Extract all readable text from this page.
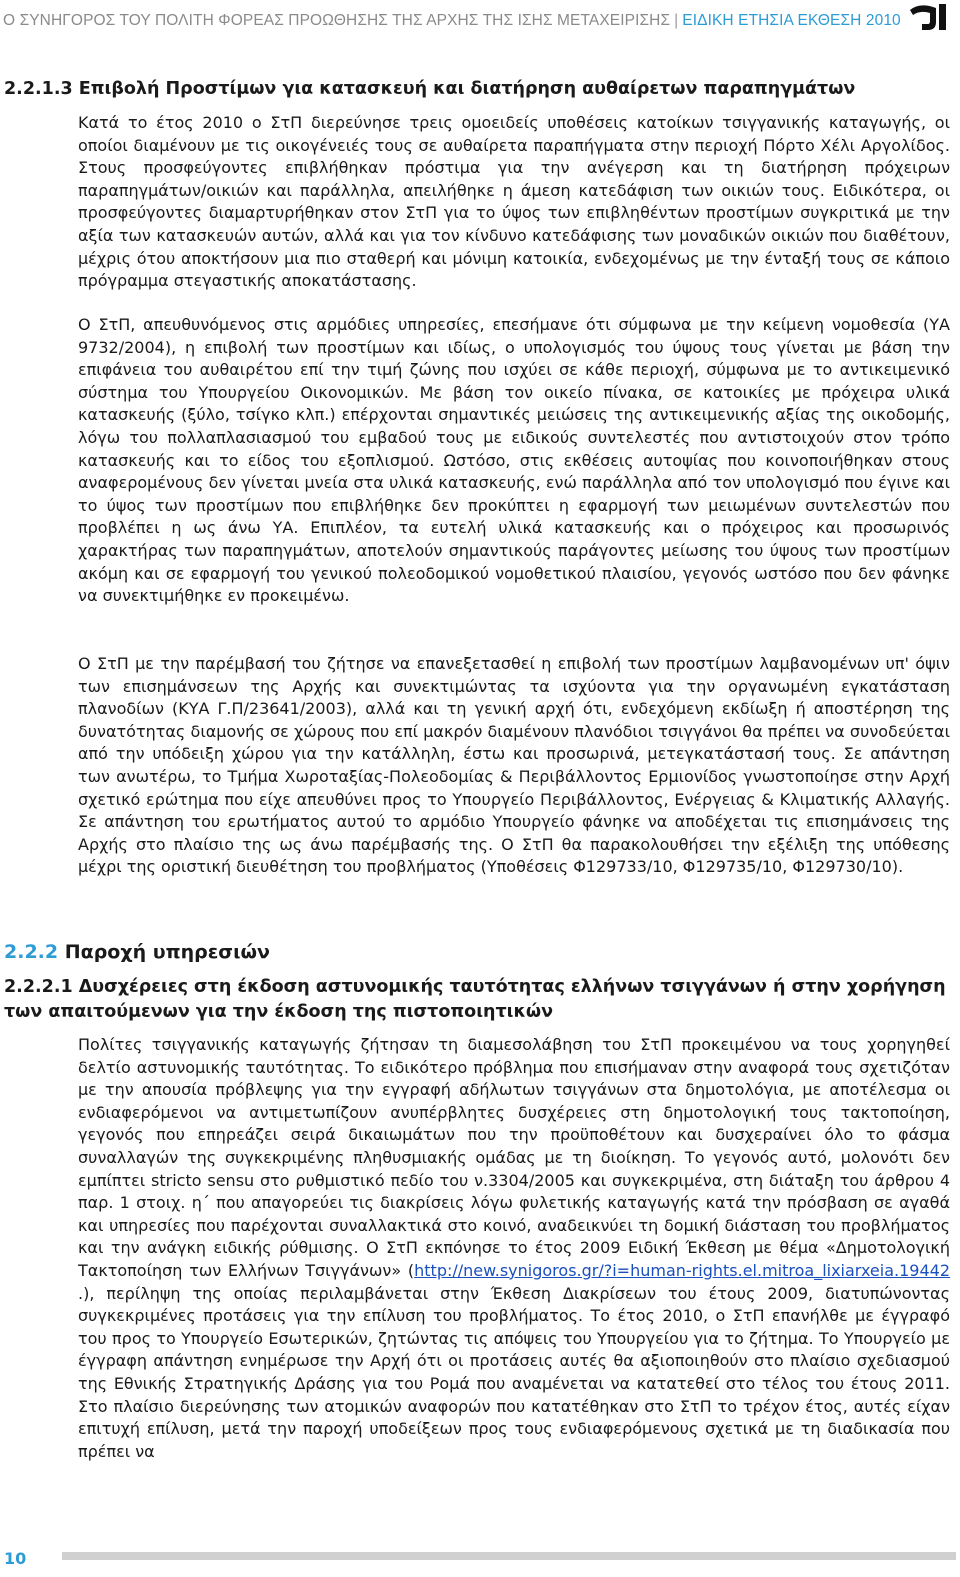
Ο ΣΥΝΗΓΟΡΟΣ ΤΟΥ ΠΟΛΙΤΗ ΦΟΡΕΑΣ ΠΡΟΩΘΗΣΗΣ ΤΗΣ ΑΡΧΗΣ ΤΗΣ ΙΣΗΣ ΜΕΤΑΧΕΙΡΙΣΗΣ | ΕΙΔΙΚΗ ΕΤΗΣΙΑ ΕΚΘΕΣΗ 2010
2.2.1.3 Επιβολή Προστίμων για κατασκευή και διατήρηση αυθαίρετων παραπηγμάτων

Κατά το έτος 2010 ο ΣτΠ διερεύνησε τρεις ομοειδείς υποθέσεις κατοίκων τσιγγανικής καταγωγής, οι οποίοι διαμένουν με τις οικογένειές τους σε αυθαίρετα παραπήγματα στην περιοχή Πόρτο Χέλι Αργολίδος. Στους προσφεύγοντες επιβλήθηκαν πρόστιμα για την ανέγερση και τη διατήρηση πρόχειρων παραπηγμάτων/οικιών και παράλληλα, απειλήθηκε η άμεση κατεδάφιση των οικιών τους. Ειδικότερα, οι προσφεύγοντες διαμαρτυρήθηκαν στον ΣτΠ για το ύψος των επιβληθέντων προστίμων συγκριτικά με την αξία των κατασκευών αυτών, αλλά και για τον κίνδυνο κατεδάφισης των μοναδικών οικιών που διαθέτουν, μέχρις ότου αποκτήσουν μια πιο σταθερή και μόνιμη κατοικία, ενδεχομένως με την ένταξή τους σε κάποιο πρόγραμμα στεγαστικής αποκατάστασης.

Ο ΣτΠ, απευθυνόμενος στις αρμόδιες υπηρεσίες, επεσήμανε ότι σύμφωνα με την κείμενη νομοθεσία (ΥΑ 9732/2004), η επιβολή των προστίμων και ιδίως, ο υπολογισμός του ύψους τους γίνεται με βάση την επιφάνεια του αυθαιρέτου επί την τιμή ζώνης που ισχύει σε κάθε περιοχή, σύμφωνα με το αντικειμενικό σύστημα του Υπουργείου Οικονομικών. Με βάση τον οικείο πίνακα, σε κατοικίες με πρόχειρα υλικά κατασκευής (ξύλο, τσίγκο κλπ.) επέρχονται σημαντικές μειώσεις της αντικειμενικής αξίας της οικοδομής, λόγω του πολλαπλασιασμού του εμβαδού τους με ειδικούς συντελεστές που αντιστοιχούν στον τρόπο κατασκευής και το είδος του εξοπλισμού. Ωστόσο, στις εκθέσεις αυτοψίας που κοινοποιήθηκαν στους αναφερομένους δεν γίνεται μνεία στα υλικά κατασκευής, ενώ παράλληλα από τον υπολογισμό που έγινε και το ύψος των προστίμων που επιβλήθηκε δεν προκύπτει η εφαρμογή των μειωμένων συντελεστών που προβλέπει η ως άνω ΥΑ. Επιπλέον, τα ευτελή υλικά κατασκευής και ο πρόχειρος και προσωρινός χαρακτήρας των παραπηγμάτων, αποτελούν σημαντικούς παράγοντες μείωσης του ύψους των προστίμων ακόμη και σε εφαρμογή του γενικού πολεοδομικού νομοθετικού πλαισίου, γεγονός ωστόσο που δεν φάνηκε να συνεκτιμήθηκε εν προκειμένω.

Ο ΣτΠ με την παρέμβασή του ζήτησε να επανεξετασθεί η επιβολή των προστίμων λαμβανομένων υπ' όψιν των επισημάνσεων της Αρχής και συνεκτιμώντας τα ισχύοντα για την οργανωμένη εγκατάσταση πλανοδίων (ΚΥΑ Γ.Π/23641/2003), αλλά και τη γενική αρχή ότι, ενδεχόμενη εκδίωξη ή αποστέρηση της δυνατότητας διαμονής σε χώρους που επί μακρόν διαμένουν πλανόδιοι τσιγγάνοι θα πρέπει να συνοδεύεται από την υπόδειξη χώρου για την κατάλληλη, έστω και προσωρινά, μετεγκατάστασή τους. Σε απάντηση των ανωτέρω, το Τμήμα Χωροταξίας-Πολεοδομίας & Περιβάλλοντος Ερμιονίδος γνωστοποίησε στην Αρχή σχετικό ερώτημα που είχε απευθύνει προς το Υπουργείο Περιβάλλοντος, Ενέργειας & Κλιματικής Αλλαγής. Σε απάντηση του ερωτήματος αυτού το αρμόδιο Υπουργείο φάνηκε να αποδέχεται τις επισημάνσεις της Αρχής στο πλαίσιο της ως άνω παρέμβασής της. Ο ΣτΠ θα παρακολουθήσει την εξέλιξη της υπόθεσης μέχρι της οριστική διευθέτηση του προβλήματος (Υποθέσεις Φ129733/10, Φ129735/10, Φ129730/10).

2.2.2 Παροχή υπηρεσιών
2.2.2.1 Δυσχέρειες στη έκδοση αστυνομικής ταυτότητας ελλήνων τσιγγάνων ή στην χορήγηση των απαιτούμενων για την έκδοση της πιστοποιητικών

Πολίτες τσιγγανικής καταγωγής ζήτησαν τη διαμεσολάβηση του ΣτΠ προκειμένου να τους χορηγηθεί δελτίο αστυνομικής ταυτότητας. Το ειδικότερο πρόβλημα που επισήμαναν στην αναφορά τους σχετιζόταν με την απουσία πρόβλεψης για την εγγραφή αδήλωτων τσιγγάνων στα δημοτολόγια, με αποτέλεσμα οι ενδιαφερόμενοι να αντιμετωπίζουν ανυπέρβλητες δυσχέρειες στη δημοτολογική τους τακτοποίηση, γεγονός που επηρεάζει σειρά δικαιωμάτων που την προϋποθέτουν και δυσχεραίνει όλο το φάσμα συναλλαγών της συγκεκριμένης πληθυσμιακής ομάδας με τη διοίκηση. Το γεγονός αυτό, μολονότι δεν εμπίπτει stricto sensu στο ρυθμιστικό πεδίο του ν.3304/2005 και συγκεκριμένα, στη διάταξη του άρθρου 4 παρ. 1 στοιχ. η΄ που απαγορεύει τις διακρίσεις λόγω φυλετικής καταγωγής κατά την πρόσβαση σε αγαθά και υπηρεσίες που παρέχονται συναλλακτικά στο κοινό, αναδεικνύει τη δομική διάσταση του προβλήματος και την ανάγκη ειδικής ρύθμισης. Ο ΣτΠ εκπόνησε το έτος 2009 Ειδική Έκθεση με θέμα «Δημοτολογική Τακτοποίηση των Ελλήνων Τσιγγάνων» (http://new.synigoros.gr/?i=human-rights.el.mitroa_lixiarxeia.19442 .), περίληψη της οποίας περιλαμβάνεται στην Έκθεση Διακρίσεων του έτους 2009, διατυπώνοντας συγκεκριμένες προτάσεις για την επίλυση του προβλήματος. Το έτος 2010, ο ΣτΠ επανήλθε με έγγραφό του προς το Υπουργείο Εσωτερικών, ζητώντας τις απόψεις του Υπουργείου για το ζήτημα. Το Υπουργείο με έγγραφη απάντηση ενημέρωσε την Αρχή ότι οι προτάσεις αυτές θα αξιοποιηθούν στο πλαίσιο σχεδιασμού της Εθνικής Στρατηγικής Δράσης για του Ρομά που αναμένεται να κατατεθεί στο τέλος του έτους 2011. Στο πλαίσιο διερεύνησης των ατομικών αναφορών που κατατέθηκαν στο ΣτΠ το τρέχον έτος, αυτές είχαν επιτυχή επίλυση, μετά την παροχή υποδείξεων προς τους ενδιαφερόμενους σχετικά με τη διαδικασία που πρέπει να

10
